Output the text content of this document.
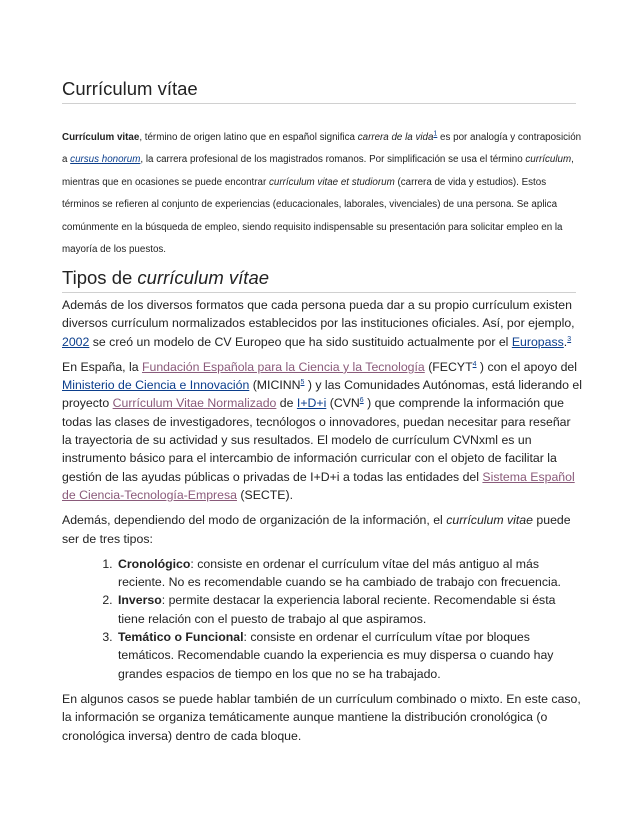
Currículum vítae

Currículum vitae, término de origen latino que en español significa carrera de la vida$^1$ es por analogía y contraposición a cursus honorum, la carrera profesional de los magistrados romanos. Por simplificación se usa el término currículum, mientras que en ocasiones se puede encontrar currículum vitae et studiorum (carrera de vida y estudios). Estos términos se refieren al conjunto de experiencias (educacionales, laborales, vivenciales) de una persona. Se aplica comúnmente en la búsqueda de empleo, siendo requisito indispensable su presentación para solicitar empleo en la mayoría de los puestos.

Tipos de currículum vítae

Además de los diversos formatos que cada persona pueda dar a su propio currículum existen diversos currículum normalizados establecidos por las instituciones oficiales. Así, por ejemplo, 2002 se creó un modelo de CV Europeo que ha sido sustituido actualmente por el Europass.$^3$

En España, la Fundación Española para la Ciencia y la Tecnología (FECYT$^4$ ) con el apoyo del Ministerio de Ciencia e Innovación (MICINN$^5$ ) y las Comunidades Autónomas, está liderando el proyecto Currículum Vitae Normalizado de I+D+i (CVN$^6$ ) que comprende la información que todas las clases de investigadores, tecnólogos o innovadores, puedan necesitar para reseñar la trayectoria de su actividad y sus resultados. El modelo de currículum CVNxml es un instrumento básico para el intercambio de información curricular con el objeto de facilitar la gestión de las ayudas públicas o privadas de I+D+i a todas las entidades del Sistema Español de Ciencia-Tecnología-Empresa (SECTE).

Además, dependiendo del modo de organización de la información, el currículum vitae puede ser de tres tipos:

1. Cronológico: consiste en ordenar el currículum vítae del más antiguo al más reciente. No es recomendable cuando se ha cambiado de trabajo con frecuencia.
2. Inverso: permite destacar la experiencia laboral reciente. Recomendable si ésta tiene relación con el puesto de trabajo al que aspiramos.
3. Temático o Funcional: consiste en ordenar el currículum vítae por bloques temáticos. Recomendable cuando la experiencia es muy dispersa o cuando hay grandes espacios de tiempo en los que no se ha trabajado.

En algunos casos se puede hablar también de un currículum combinado o mixto. En este caso, la información se organiza temáticamente aunque mantiene la distribución cronológica (o cronológica inversa) dentro de cada bloque.
